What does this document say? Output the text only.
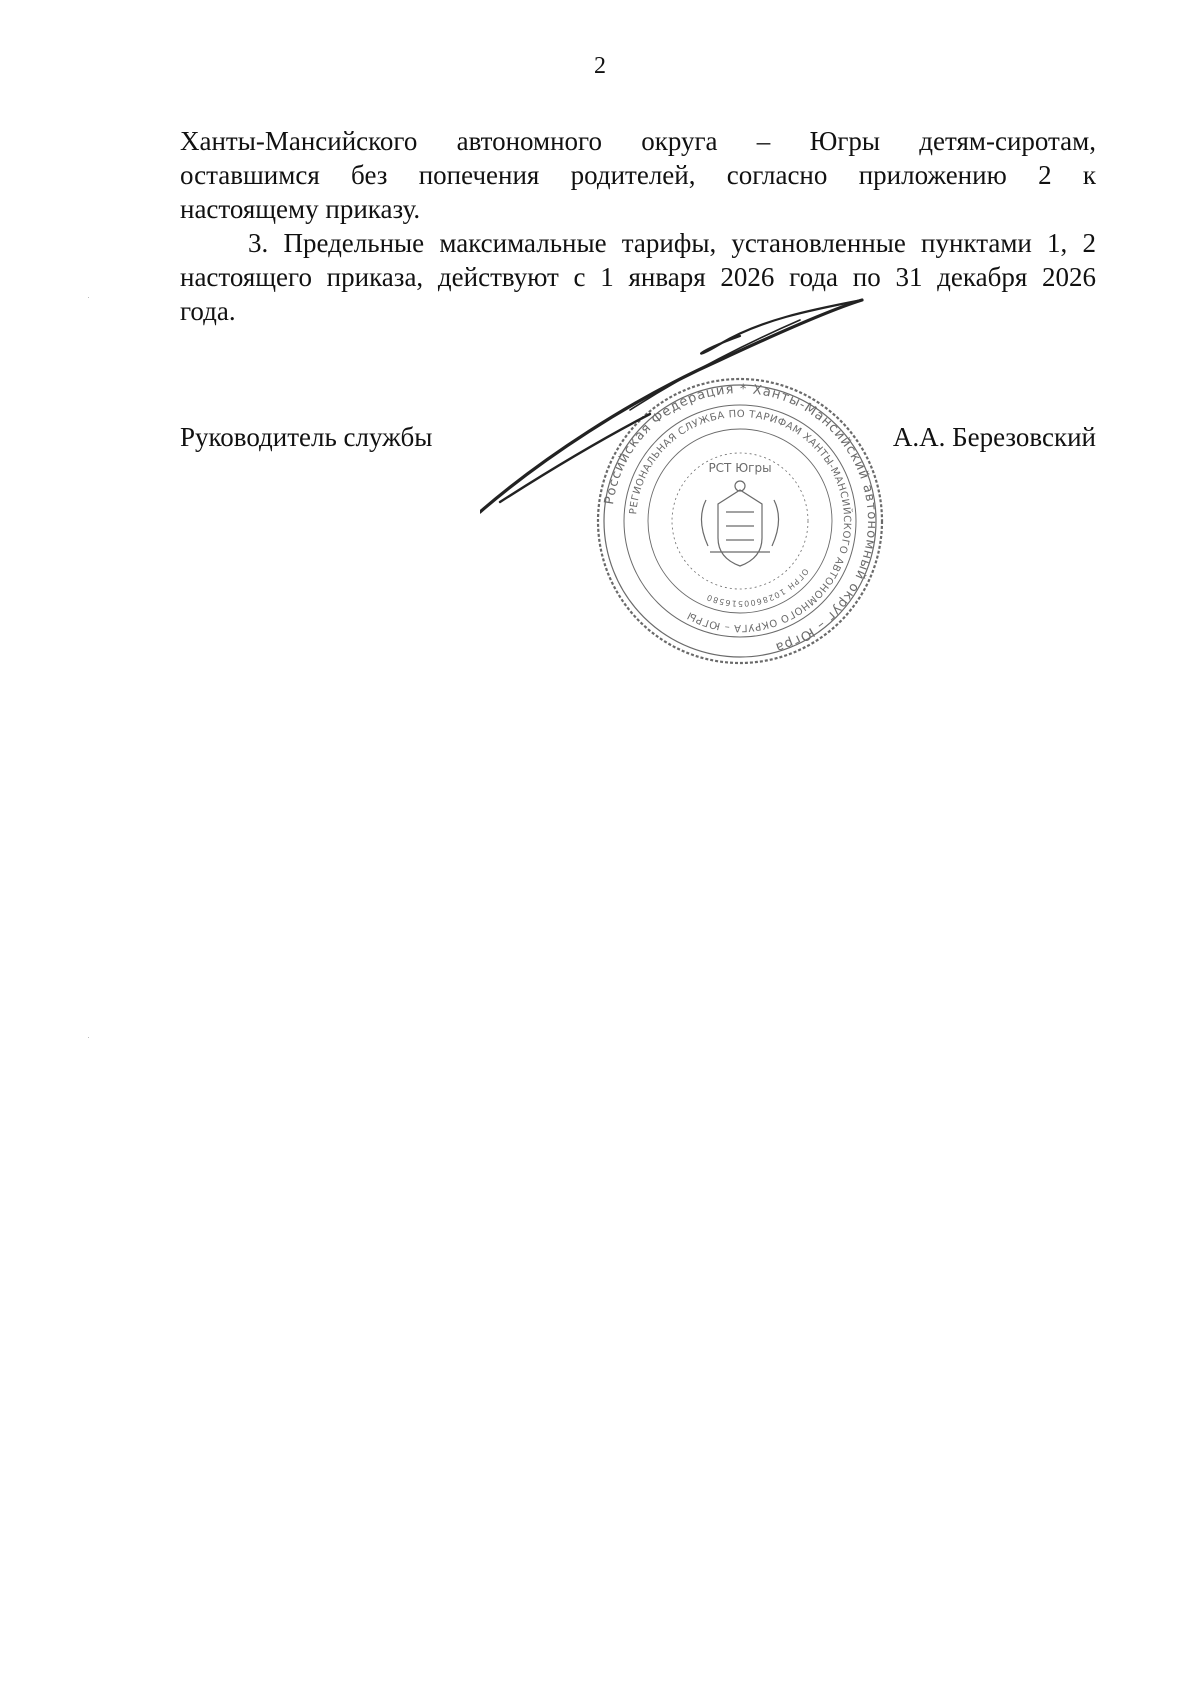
2
Ханты-Мансийского автономного округа – Югры детям-сиротам,
оставшимся без попечения родителей, согласно приложению 2 к
настоящему приказу.
3. Предельные максимальные тарифы, установленные пунктами 1, 2
настоящего приказа, действуют с 1 января 2026 года по 31 декабря 2026
года.
Руководитель службы	А.А. Березовский
Российская Федерация * Ханты-Мансийский автономный округ – Югра
РЕГИОНАЛЬНАЯ СЛУЖБА ПО ТАРИФАМ ХАНТЫ-МАНСИЙСКОГО АВТОНОМНОГО ОКРУГА – ЮГРЫ
ОГРН 1028600516580
РСТ Югры
